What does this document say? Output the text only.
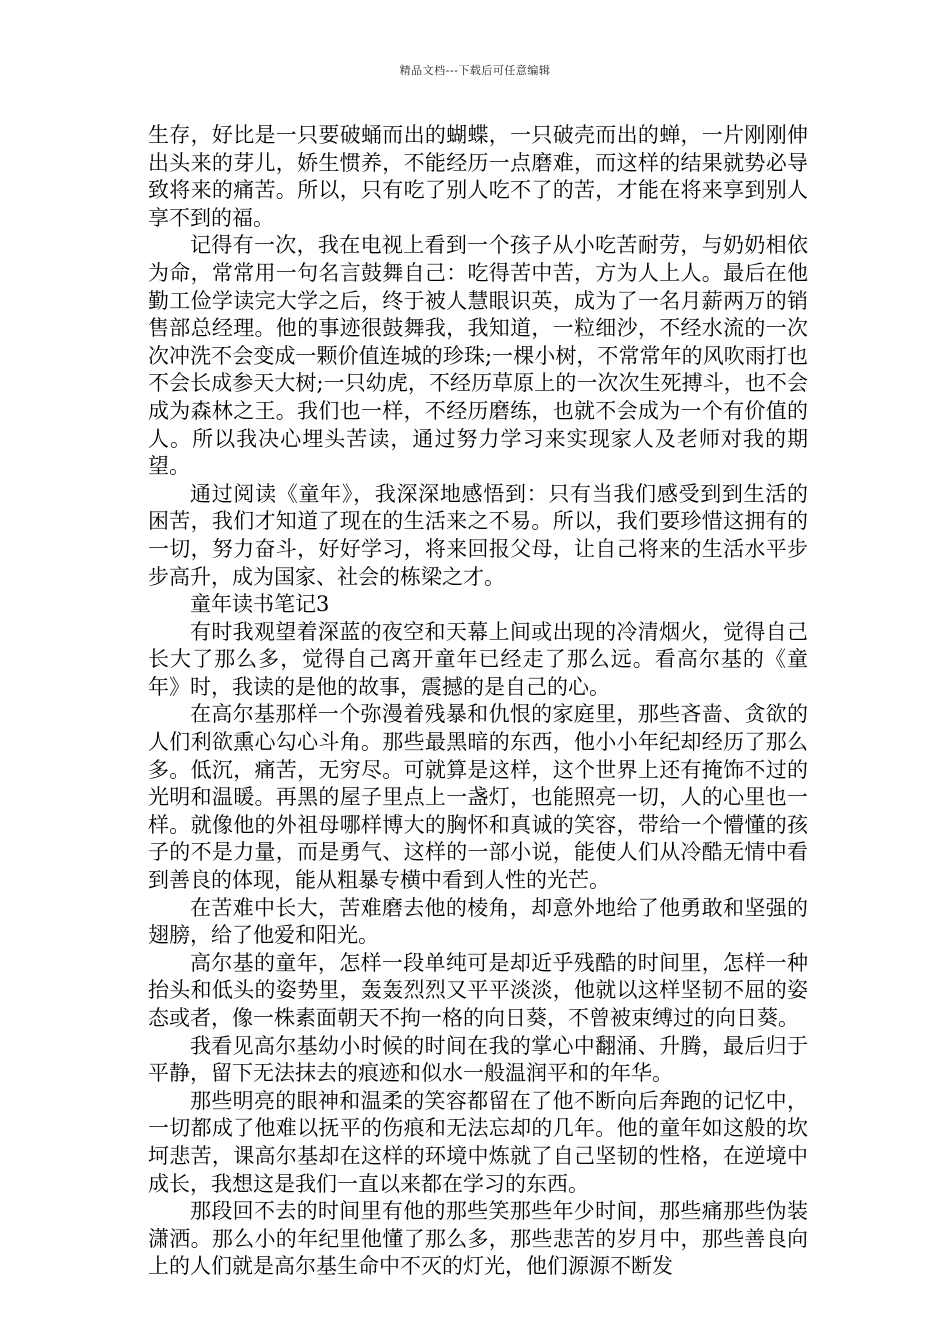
精品文档---下载后可任意编辑

生存，好比是一只要破蛹而出的蝴蝶，一只破壳而出的蝉，一片刚刚伸出头来的芽儿，娇生惯养，不能经历一点磨难，而这样的结果就势必导致将来的痛苦。所以，只有吃了别人吃不了的苦，才能在将来享到别人享不到的福。

记得有一次，我在电视上看到一个孩子从小吃苦耐劳，与奶奶相依为命，常常用一句名言鼓舞自己：吃得苦中苦，方为人上人。最后在他勤工俭学读完大学之后，终于被人慧眼识英，成为了一名月薪两万的销售部总经理。他的事迹很鼓舞我，我知道，一粒细沙，不经水流的一次次冲洗不会变成一颗价值连城的珍珠;一棵小树，不常常年的风吹雨打也不会长成参天大树;一只幼虎，不经历草原上的一次次生死搏斗，也不会成为森林之王。我们也一样，不经历磨练，也就不会成为一个有价值的人。所以我决心埋头苦读，通过努力学习来实现家人及老师对我的期望。

通过阅读《童年》，我深深地感悟到：只有当我们感受到到生活的困苦，我们才知道了现在的生活来之不易。所以，我们要珍惜这拥有的一切，努力奋斗，好好学习，将来回报父母，让自己将来的生活水平步步高升，成为国家、社会的栋梁之才。

童年读书笔记3

有时我观望着深蓝的夜空和天幕上间或出现的冷清烟火，觉得自己长大了那么多，觉得自己离开童年已经走了那么远。看高尔基的《童年》时，我读的是他的故事，震撼的是自己的心。

在高尔基那样一个弥漫着残暴和仇恨的家庭里，那些吝啬、贪欲的人们利欲熏心勾心斗角。那些最黑暗的东西，他小小年纪却经历了那么多。低沉，痛苦，无穷尽。可就算是这样，这个世界上还有掩饰不过的光明和温暖。再黑的屋子里点上一盏灯，也能照亮一切，人的心里也一样。就像他的外祖母哪样博大的胸怀和真诚的笑容，带给一个懵懂的孩子的不是力量，而是勇气、这样的一部小说，能使人们从冷酷无情中看到善良的体现，能从粗暴专横中看到人性的光芒。

在苦难中长大，苦难磨去他的棱角，却意外地给了他勇敢和坚强的翅膀，给了他爱和阳光。

高尔基的童年，怎样一段单纯可是却近乎残酷的时间里，怎样一种抬头和低头的姿势里，轰轰烈烈又平平淡淡，他就以这样坚韧不屈的姿态或者，像一株素面朝天不拘一格的向日葵，不曾被束缚过的向日葵。

我看见高尔基幼小时候的时间在我的掌心中翻涌、升腾，最后归于平静，留下无法抹去的痕迹和似水一般温润平和的年华。

那些明亮的眼神和温柔的笑容都留在了他不断向后奔跑的记忆中，一切都成了他难以抚平的伤痕和无法忘却的几年。他的童年如这般的坎坷悲苦，课高尔基却在这样的环境中炼就了自己坚韧的性格，在逆境中成长，我想这是我们一直以来都在学习的东西。

那段回不去的时间里有他的那些笑那些年少时间，那些痛那些伪装潇洒。那么小的年纪里他懂了那么多，那些悲苦的岁月中，那些善良向上的人们就是高尔基生命中不灭的灯光，他们源源不断发
